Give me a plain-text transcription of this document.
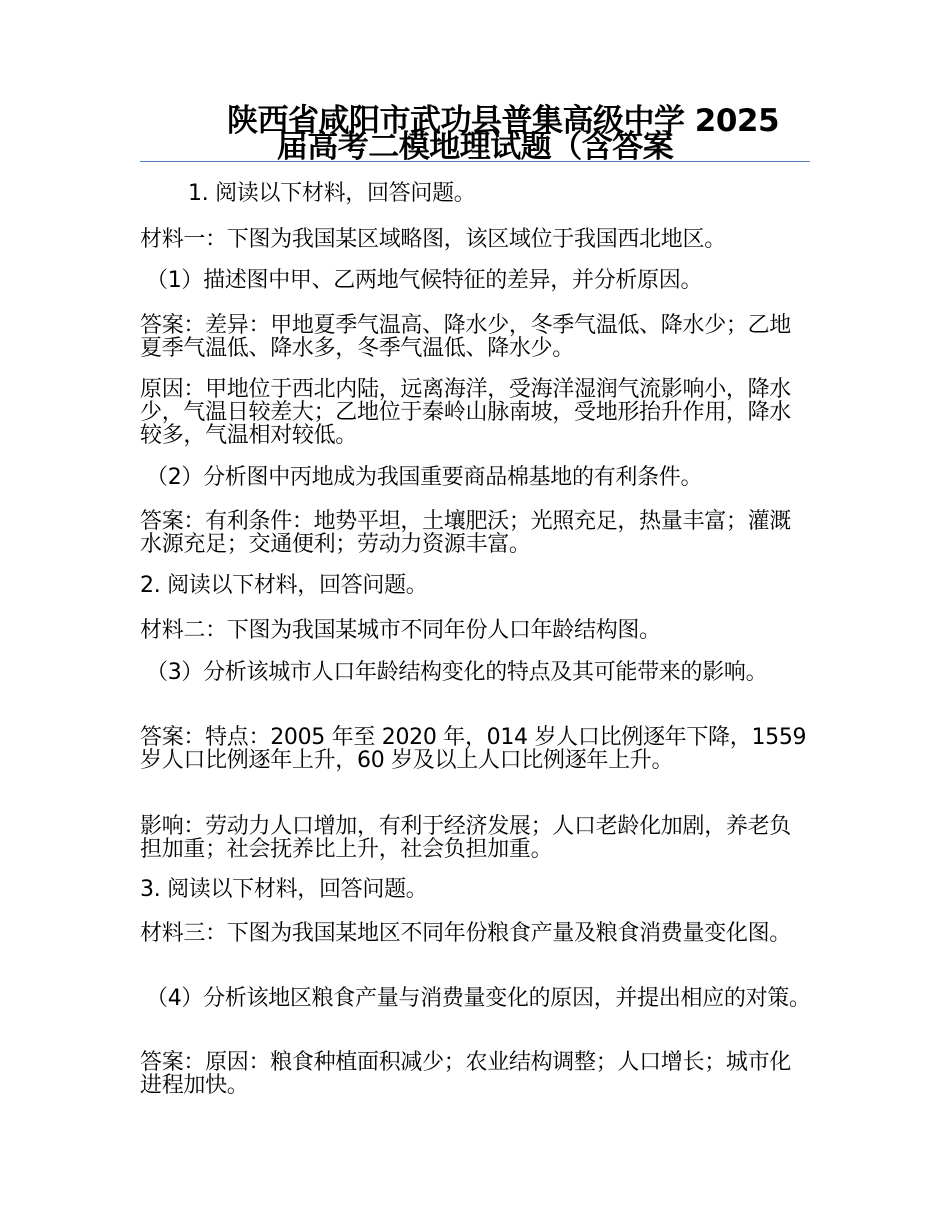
陕西省咸阳市武功县普集高级中学 2025
届高考二模地理试题（含答案
1. 阅读以下材料，回答问题。
材料一：下图为我国某区域略图，该区域位于我国西北地区。
（1）描述图中甲、乙两地气候特征的差异，并分析原因。
答案：差异：甲地夏季气温高、降水少，冬季气温低、降水少；乙地夏季气温低、降水多，冬季气温低、降水少。
原因：甲地位于西北内陆，远离海洋，受海洋湿润气流影响小，降水少，气温日较差大；乙地位于秦岭山脉南坡，受地形抬升作用，降水较多，气温相对较低。
（2）分析图中丙地成为我国重要商品棉基地的有利条件。
答案：有利条件：地势平坦，土壤肥沃；光照充足，热量丰富；灌溉水源充足；交通便利；劳动力资源丰富。
2. 阅读以下材料，回答问题。
材料二：下图为我国某城市不同年份人口年龄结构图。
（3）分析该城市人口年龄结构变化的特点及其可能带来的影响。
答案：特点：2005 年至 2020 年，014 岁人口比例逐年下降，1559 岁人口比例逐年上升，60 岁及以上人口比例逐年上升。
影响：劳动力人口增加，有利于经济发展；人口老龄化加剧，养老负担加重；社会抚养比上升，社会负担加重。
3. 阅读以下材料，回答问题。
材料三：下图为我国某地区不同年份粮食产量及粮食消费量变化图。
（4）分析该地区粮食产量与消费量变化的原因，并提出相应的对策。
答案：原因：粮食种植面积减少；农业结构调整；人口增长；城市化进程加快。
